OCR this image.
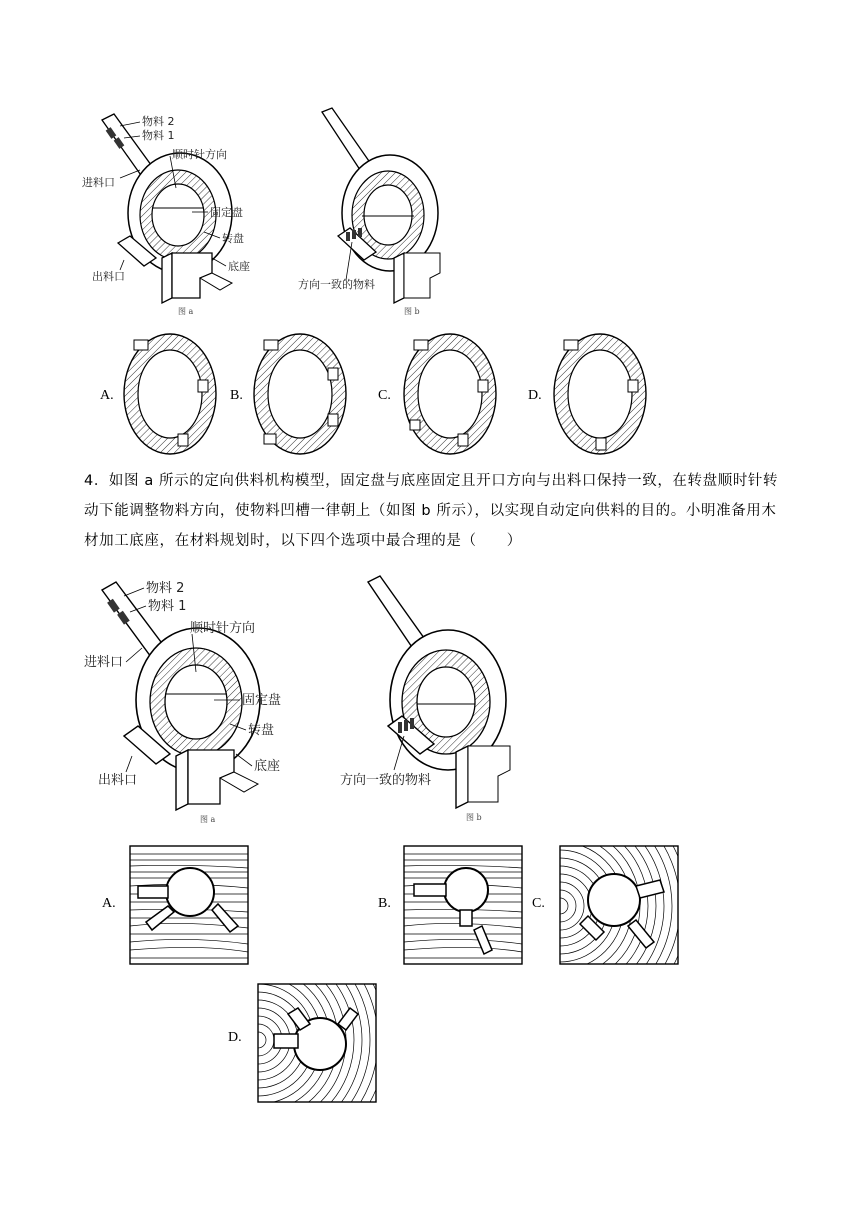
物料 2
物料 1
顺时针方向
进料口
固定盘
转盘
底座
出料口
图 a
方向一致的物料
图 b
A.	B.	C.	D.
4．如图 a 所示的定向供料机构模型，固定盘与底座固定且开口方向与出料口保持一致，在转盘顺时针转动下能调整物料方向，使物料凹槽一律朝上（如图 b 所示），以实现自动定向供料的目的。小明准备用木材加工底座，在材料规划时，以下四个选项中最合理的是（　　）
物料 2
物料 1
顺时针方向
进料口
固定盘
转盘
底座
出料口
图 a
方向一致的物料
图 b
A.	B.	C.
D.
